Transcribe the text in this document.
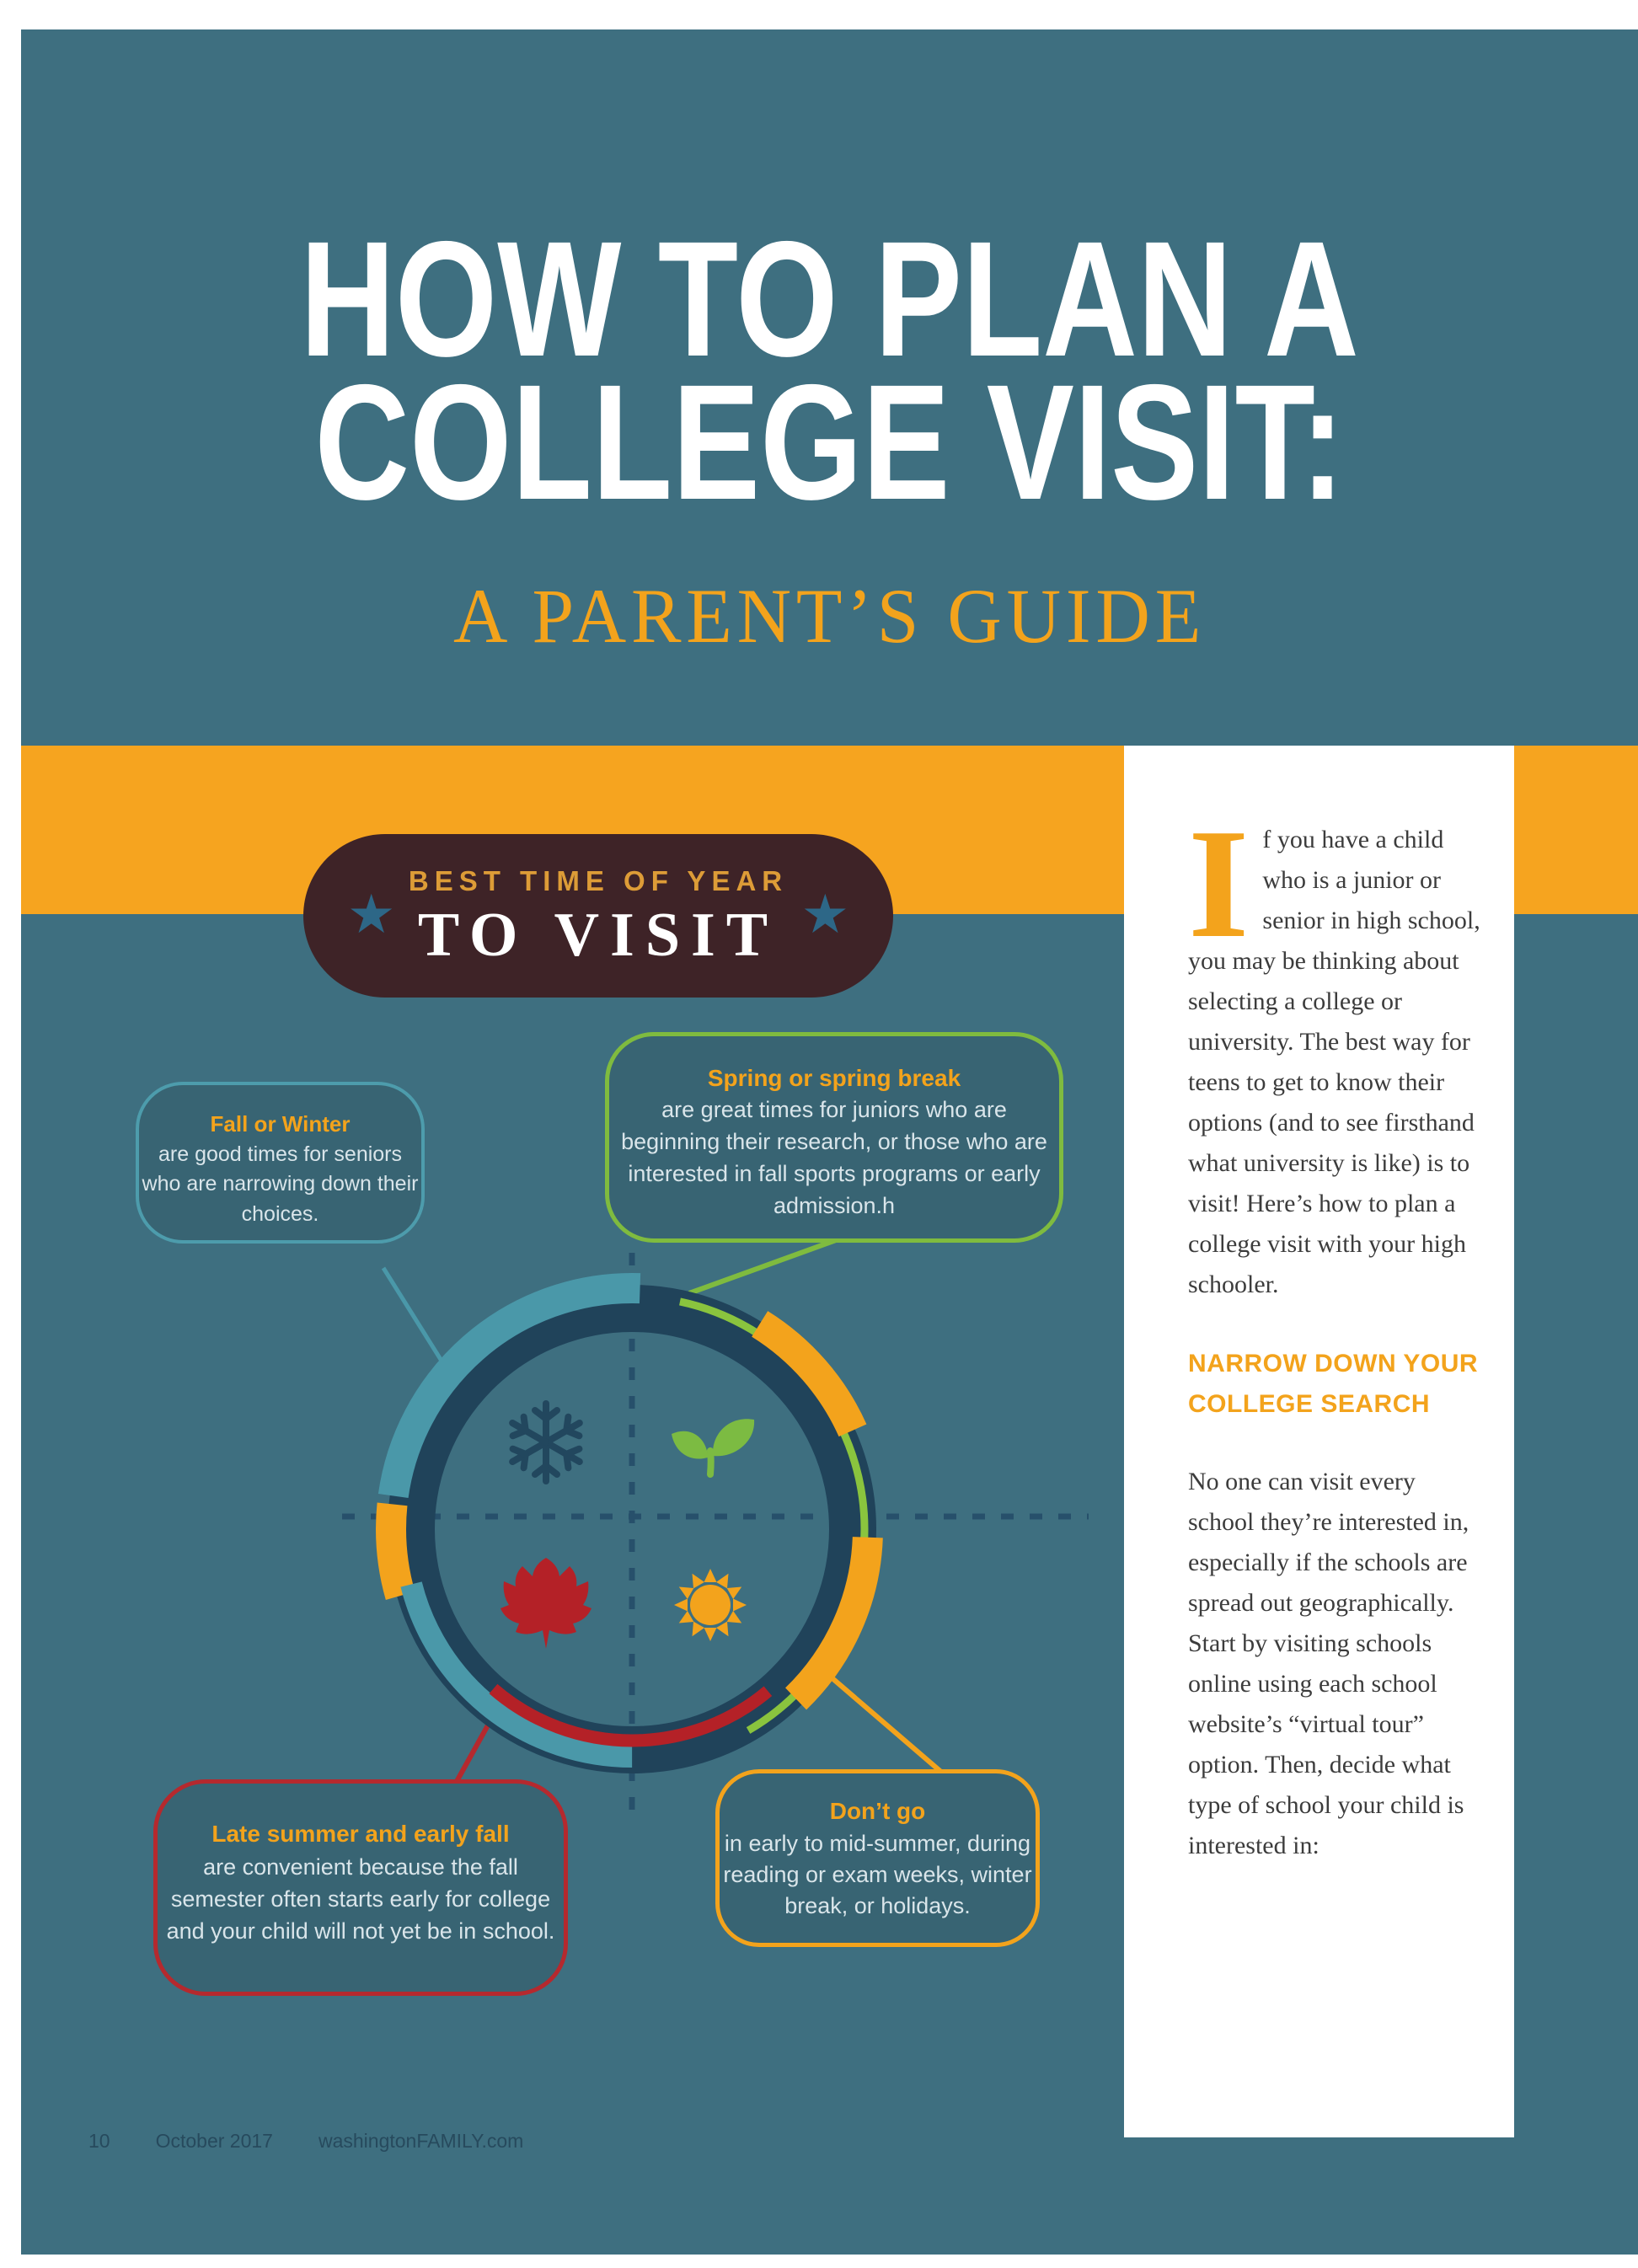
HOW TO PLAN A
COLLEGE VISIT:
A PARENT’S GUIDE
★
BEST TIME OF YEAR
TO VISIT ★
Fall or Winter
are good times for seniors who are narrowing down their choices.
Spring or spring break
are great times for juniors who are beginning their research, or those who are interested in fall sports programs or early admission.h
Late summer and early fall
are convenient because the fall semester often starts early for college and your child will not yet be in school.
Don’t go
in early to mid-summer, during reading or exam weeks, winter break, or holidays.

If you have a child who is a junior or senior in high school, you may be thinking about selecting a college or university. The best way for teens to get to know their options (and to see firsthand what university is like) is to visit! Here’s how to plan a college visit with your high schooler.

NARROW DOWN YOUR COLLEGE SEARCH

No one can visit every school they’re interested in, especially if the schools are spread out geographically. Start by visiting schools online using each school website’s “virtual tour” option. Then, decide what type of school your child is interested in:

10 October 2017 washingtonFAMILY.com
